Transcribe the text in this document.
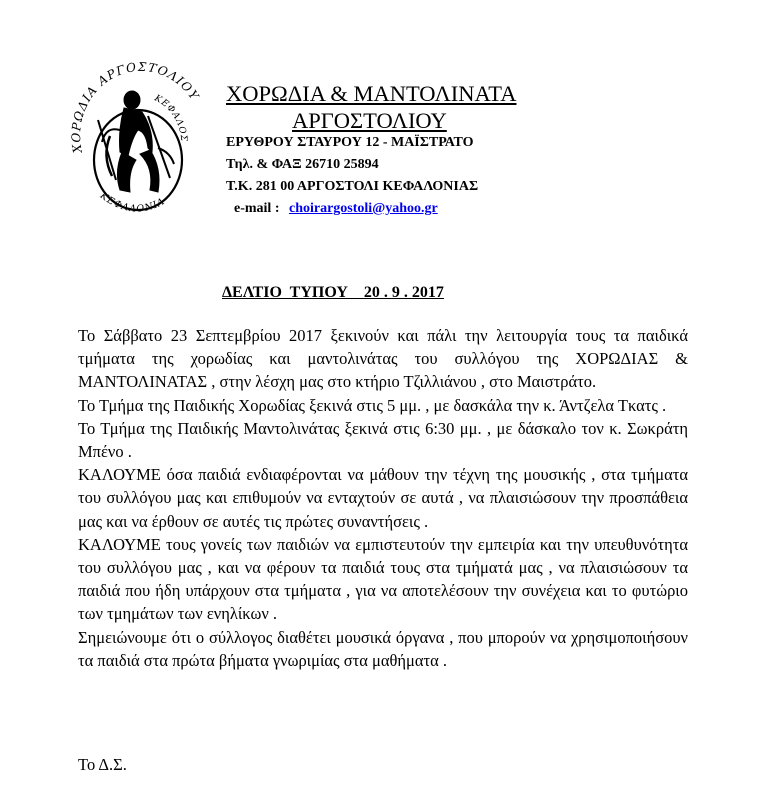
ΧΟΡΩΔΙΑ ΑΡΓΟΣΤΟΛΙΟΥ
ΚΕΦΑΛΟΣ
ΚΕΦΑΛΟΝΙΑ
ΧΟΡΩΔΙΑ & ΜΑΝΤΟΛΙΝΑΤΑ
ΑΡΓΟΣΤΟΛΙΟΥ
ΕΡΥΘΡΟΥ ΣΤΑΥΡΟΥ 12 - ΜΑΪΣΤΡΑΤΟ
Τηλ. & ΦΑΞ 26710 25894
Τ.Κ. 281 00 ΑΡΓΟΣΤΟΛΙ ΚΕΦΑΛΟΝΙΑΣ
e-mail : choirargostoli@yahoo.gr
ΔΕΛΤΙΟ  ΤΥΠΟΥ    20 . 9 . 2017

Το Σάββατο 23 Σεπτεμβρίου 2017 ξεκινούν και πάλι την λειτουργία τους τα παιδικά τμήματα της χορωδίας και μαντολινάτας του συλλόγου της ΧΟΡΩΔΙΑΣ & ΜΑΝΤΟΛΙΝΑΤΑΣ , στην λέσχη μας στο κτήριο Τζιλλιάνου , στο Μαιστράτο.

Το Τμήμα της Παιδικής Χορωδίας ξεκινά στις 5 μμ. , με δασκάλα την κ. Άντζελα Τκατς .

Το Τμήμα της Παιδικής Μαντολινάτας ξεκινά στις 6:30 μμ. , με δάσκαλο τον κ. Σωκράτη Μπένο .

ΚΑΛΟΥΜΕ όσα παιδιά ενδιαφέρονται να μάθουν την τέχνη της μουσικής , στα τμήματα του συλλόγου μας και επιθυμούν να ενταχτούν σε αυτά , να πλαισιώσουν την προσπάθεια μας και να έρθουν σε αυτές τις πρώτες συναντήσεις .

ΚΑΛΟΥΜΕ τους γονείς των παιδιών να εμπιστευτούν την εμπειρία και την υπευθυνότητα του συλλόγου μας , και να φέρουν τα παιδιά τους στα τμήματά μας , να πλαισιώσουν τα παιδιά που ήδη υπάρχουν στα τμήματα , για να αποτελέσουν την συνέχεια και το φυτώριο των τμημάτων των ενηλίκων .

Σημειώνουμε ότι ο σύλλογος διαθέτει μουσικά όργανα , που μπορούν να χρησιμοποιήσουν τα παιδιά στα πρώτα βήματα γνωριμίας στα μαθήματα .

Το Δ.Σ.
